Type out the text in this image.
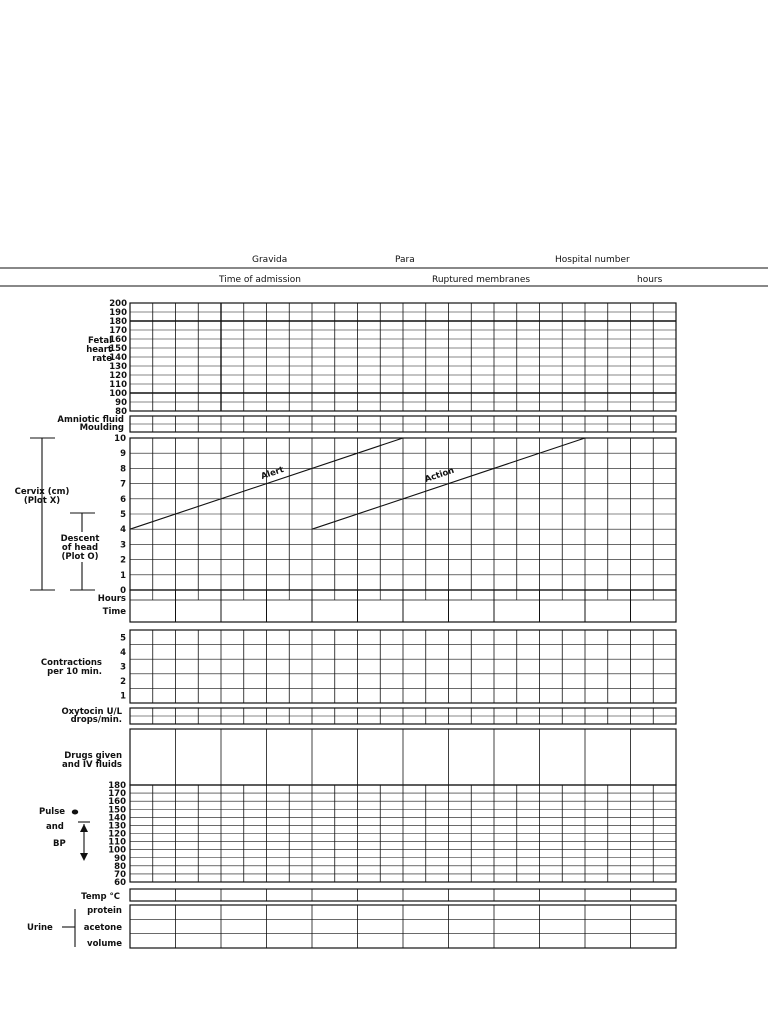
Gravida	Para	Hospital number
Time of admission	Ruptured membranes	hours
Fetal
heart
rate
200
190
180
170
160
150
140
130
120
110
100
90
80
Amniotic fluid
Moulding
Cervix (cm)
(Plot X)
Descent
of head
(Plot O)
10
9
8
7
6
5
4
3
2
1
0
Alert	Action
Hours
Time
Contractions
per 10 min.
5
4
3
2
1
Oxytocin U/L
drops/min.
Drugs given
and IV fluids
Pulse
and
BP
180
170
160
150
140
130
120
110
100
90
80
70
60
Temp °C
Urine
protein
acetone
volume
